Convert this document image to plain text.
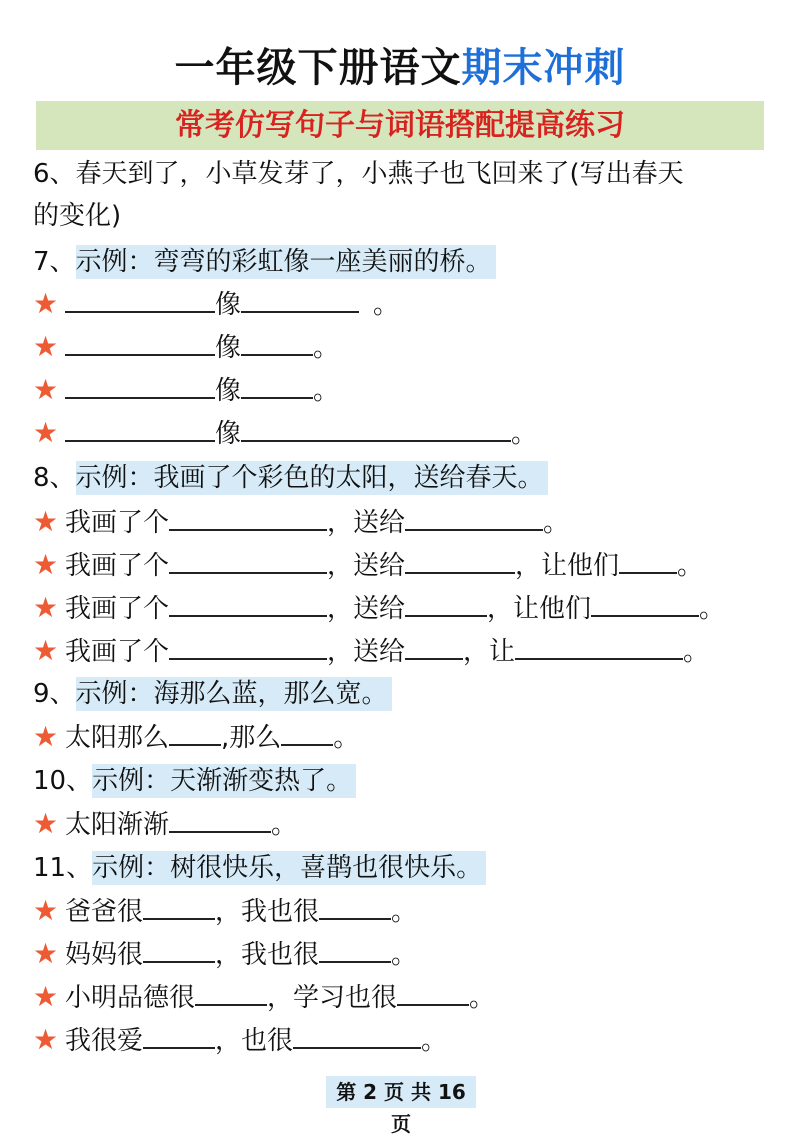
一年级下册语文期末冲刺
常考仿写句子与词语搭配提高练习
6、春天到了，小草发芽了，小燕子也飞回来了(写出春天
的变化)
7、示例：弯弯的彩虹像一座美丽的桥。
★	像	。
★	像	。
★	像	。
★	像	。
8、示例：我画了个彩色的太阳，送给春天。
★ 我画了个	，送给	。
★ 我画了个	，送给	，让他们 。
★ 我画了个	，送给	，让他们	。
★ 我画了个	，送给 ，让	。
9、示例：海那么蓝，那么宽。
★ 太阳那么 ,那么 。
10、示例：天渐渐变热了。
★ 太阳渐渐	。
11、示例：树很快乐，喜鹊也很快乐。
★ 爸爸很	，我也很	。
★ 妈妈很	，我也很	。
★ 小明品德很	，学习也很	。
★ 我很爱	，也很	。
第 2 页 共 16 页
